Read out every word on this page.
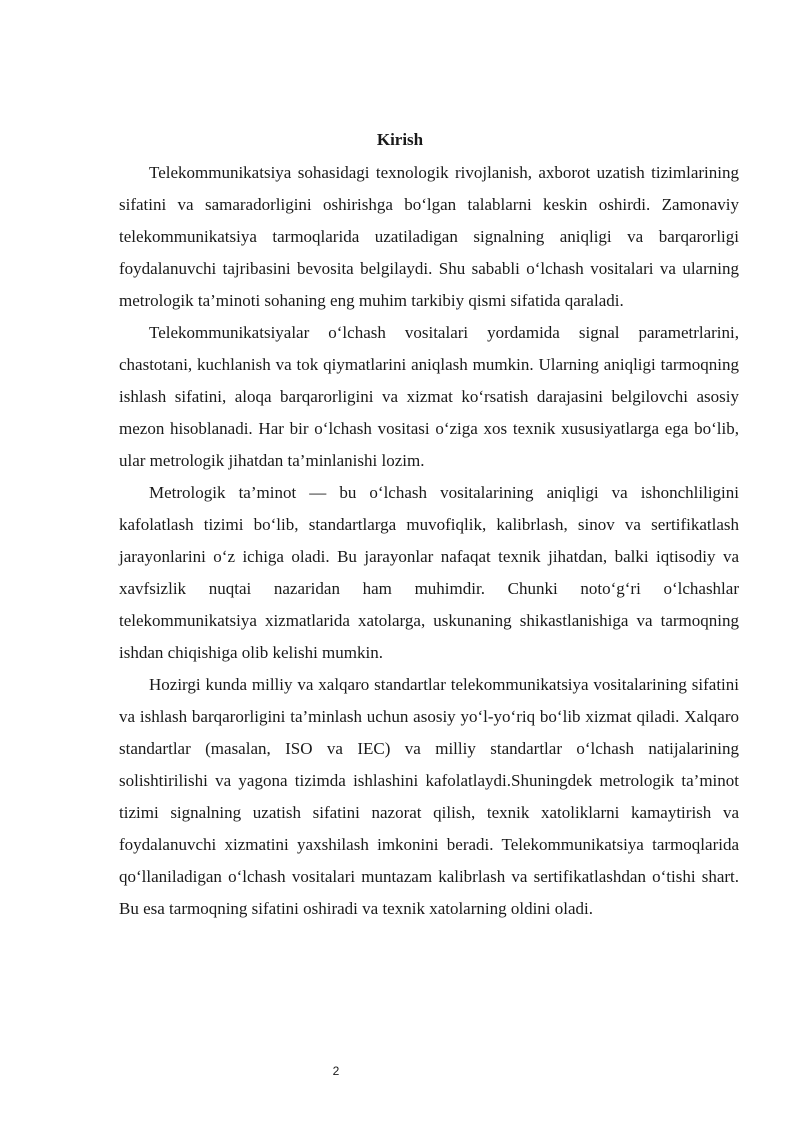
Kirish

Telekommunikatsiya sohasidagi texnologik rivojlanish, axborot uzatish tizimlarining sifatini va samaradorligini oshirishga bo‘lgan talablarni keskin oshirdi. Zamonaviy telekommunikatsiya tarmoqlarida uzatiladigan signalning aniqligi va barqarorligi foydalanuvchi tajribasini bevosita belgilaydi. Shu sababli o‘lchash vositalari va ularning metrologik ta’minoti sohaning eng muhim tarkibiy qismi sifatida qaraladi.

Telekommunikatsiyalar o‘lchash vositalari yordamida signal parametrlarini, chastotani, kuchlanish va tok qiymatlarini aniqlash mumkin. Ularning aniqligi tarmoqning ishlash sifatini, aloqa barqarorligini va xizmat ko‘rsatish darajasini belgilovchi asosiy mezon hisoblanadi. Har bir o‘lchash vositasi o‘ziga xos texnik xususiyatlarga ega bo‘lib, ular metrologik jihatdan ta’minlanishi lozim.

Metrologik ta’minot — bu o‘lchash vositalarining aniqligi va ishonchliligini kafolatlash tizimi bo‘lib, standartlarga muvofiqlik, kalibrlash, sinov va sertifikatlash jarayonlarini o‘z ichiga oladi. Bu jarayonlar nafaqat texnik jihatdan, balki iqtisodiy va xavfsizlik nuqtai nazaridan ham muhimdir. Chunki noto‘g‘ri o‘lchashlar telekommunikatsiya xizmatlarida xatolarga, uskunaning shikastlanishiga va tarmoqning ishdan chiqishiga olib kelishi mumkin.

Hozirgi kunda milliy va xalqaro standartlar telekommunikatsiya vositalarining sifatini va ishlash barqarorligini ta’minlash uchun asosiy yo‘l-yo‘riq bo‘lib xizmat qiladi. Xalqaro standartlar (masalan, ISO va IEC) va milliy standartlar o‘lchash natijalarining solishtirilishi va yagona tizimda ishlashini kafolatlaydi.Shuningdek metrologik ta’minot tizimi signalning uzatish sifatini nazorat qilish, texnik xatoliklarni kamaytirish va foydalanuvchi xizmatini yaxshilash imkonini beradi. Telekommunikatsiya tarmoqlarida qo‘llaniladigan o‘lchash vositalari muntazam kalibrlash va sertifikatlashdan o‘tishi shart. Bu esa tarmoqning sifatini oshiradi va texnik xatolarning oldini oladi.

2
